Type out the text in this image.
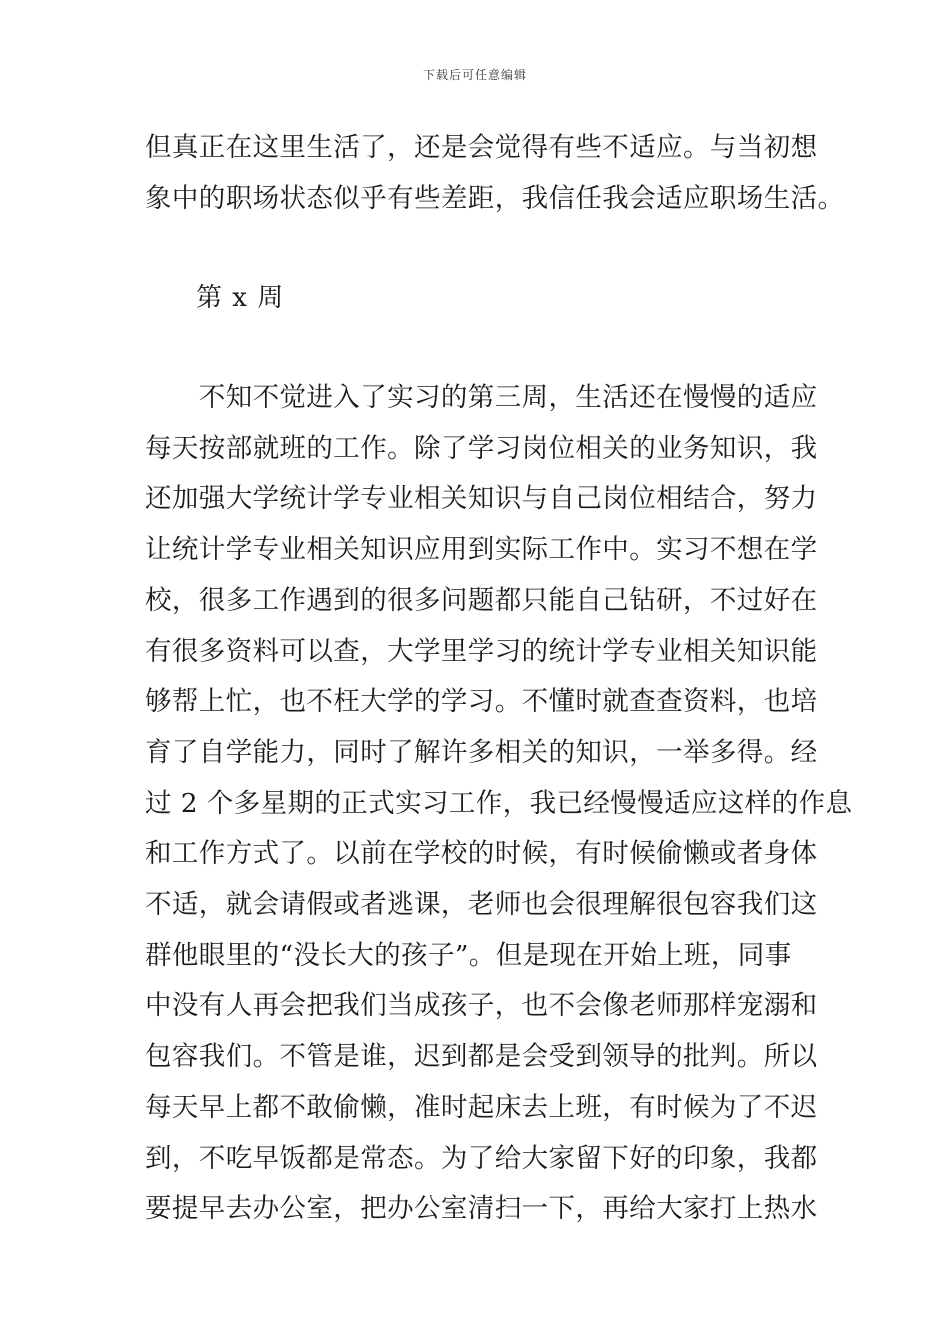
下载后可任意编辑
但真正在这里生活了，还是会觉得有些不适应。与当初想
象中的职场状态似乎有些差距，我信任我会适应职场生活。
第 x 周
　　不知不觉进入了实习的第三周，生活还在慢慢的适应
每天按部就班的工作。除了学习岗位相关的业务知识，我
还加强大学统计学专业相关知识与自己岗位相结合，努力
让统计学专业相关知识应用到实际工作中。实习不想在学
校，很多工作遇到的很多问题都只能自己钻研，不过好在
有很多资料可以查，大学里学习的统计学专业相关知识能
够帮上忙，也不枉大学的学习。不懂时就查查资料，也培
育了自学能力，同时了解许多相关的知识，一举多得。经
过 2 个多星期的正式实习工作，我已经慢慢适应这样的作息
和工作方式了。以前在学校的时候，有时候偷懒或者身体
不适，就会请假或者逃课，老师也会很理解很包容我们这
群他眼里的“没长大的孩子”。但是现在开始上班，同事
中没有人再会把我们当成孩子，也不会像老师那样宠溺和
包容我们。不管是谁，迟到都是会受到领导的批判。所以
每天早上都不敢偷懒，准时起床去上班，有时候为了不迟
到，不吃早饭都是常态。为了给大家留下好的印象，我都
要提早去办公室，把办公室清扫一下，再给大家打上热水
